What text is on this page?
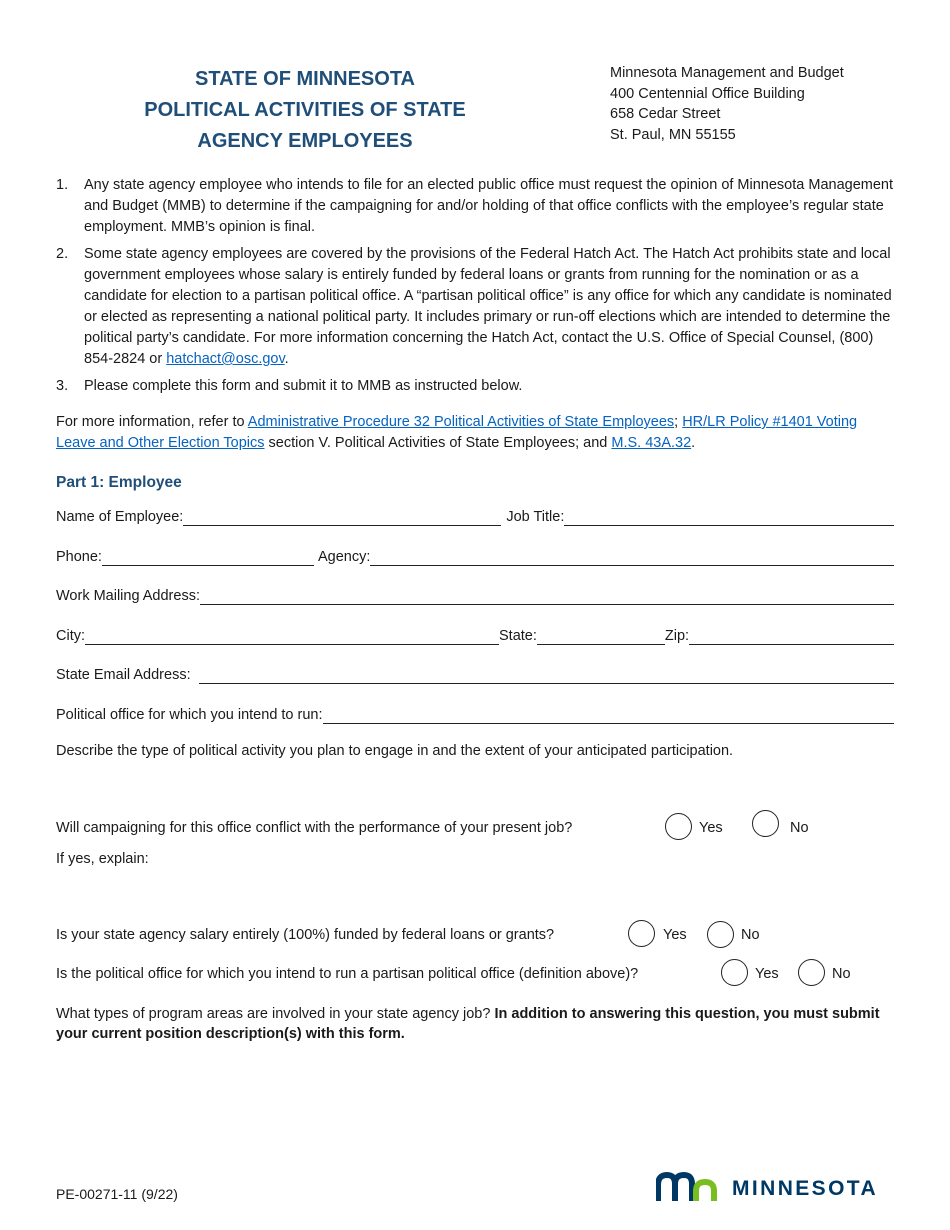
STATE OF MINNESOTA
POLITICAL ACTIVITIES OF STATE
AGENCY EMPLOYEES
Minnesota Management and Budget
400 Centennial Office Building
658 Cedar Street
St. Paul, MN 55155
1.	Any state agency employee who intends to file for an elected public office must request the opinion of Minnesota Management and Budget (MMB) to determine if the campaigning for and/or holding of that office conflicts with the employee’s regular state employment. MMB’s opinion is final.
2.	Some state agency employees are covered by the provisions of the Federal Hatch Act. The Hatch Act prohibits state and local government employees whose salary is entirely funded by federal loans or grants from running for the nomination or as a candidate for election to a partisan political office. A “partisan political office” is any office for which any candidate is nominated or elected as representing a national political party. It includes primary or run-off elections which are intended to determine the political party’s candidate. For more information concerning the Hatch Act, contact the U.S. Office of Special Counsel, (800) 854-2824 or hatchact@osc.gov.
3.	Please complete this form and submit it to MMB as instructed below.
For more information, refer to Administrative Procedure 32 Political Activities of State Employees; HR/LR Policy #1401 Voting Leave and Other Election Topics section V. Political Activities of State Employees; and M.S. 43A.32.
Part 1: Employee
Name of Employee:	Job Title:
Phone:	Agency:
Work Mailing Address:
City:	State:	Zip:
State Email Address:
Political office for which you intend to run:
Describe the type of political activity you plan to engage in and the extent of your anticipated participation.
Will campaigning for this office conflict with the performance of your present job?	Yes	No
If yes, explain:
Is your state agency salary entirely (100%) funded by federal loans or grants?	Yes	No
Is the political office for which you intend to run a partisan political office (definition above)?	Yes	No
What types of program areas are involved in your state agency job? In addition to answering this question, you must submit your current position description(s) with this form.
PE-00271-11 (9/22)	MINNESOTA
